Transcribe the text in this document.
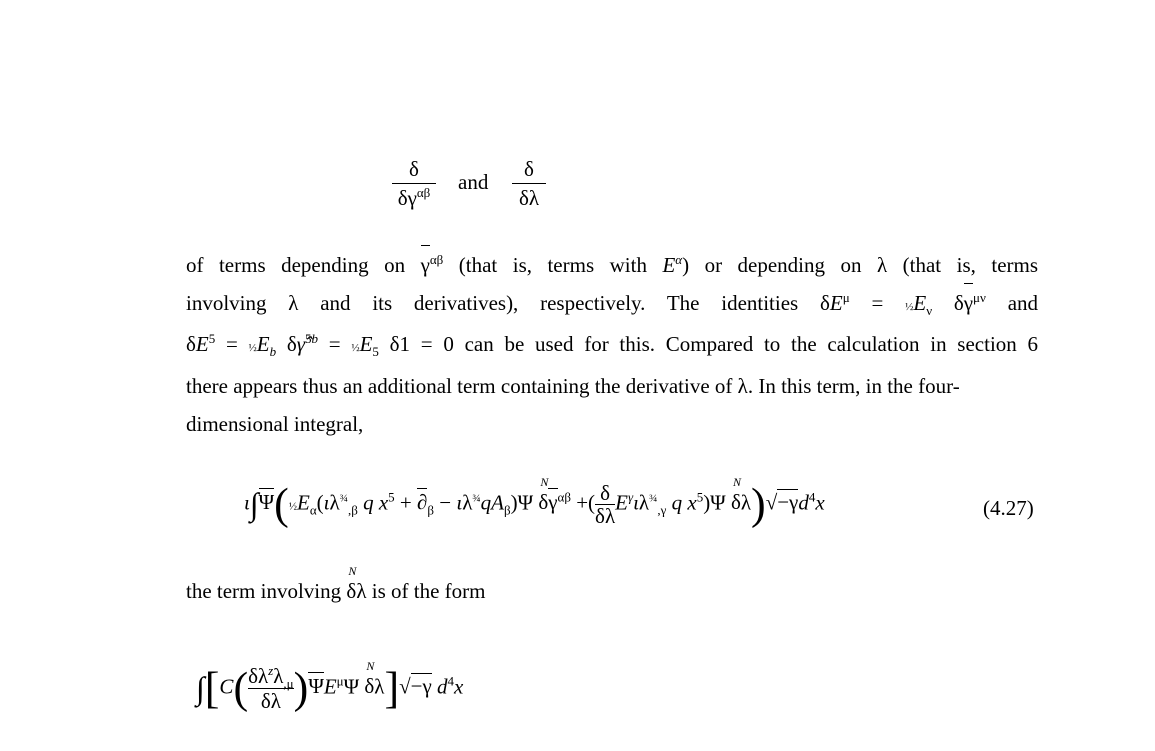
δ
δ
$\gamma^{\alpha\beta}$ and
δ
δλ
of terms depending on $\gamma^{\alpha\beta}$ (that is, terms with $E^\alpha$) or depending on λ (that is, terms
involving λ and its derivatives), respectively. The identities $\delta E^\mu$ = $\frac{1}{2}E_\nu$ δ
$\gamma^{\mu\nu}$ and
$\delta E^5$ = $\frac{1}{2}E_b$ δγ̂$^{5b}$ = $\frac{1}{2}E_5$ δ1 = 0 can be used for this. Compared to the calculation in section 6
there appears thus an additional term containing the derivative of λ. In this term, in the four-
dimensional integral,
ι∫
$\Psi(\frac{1}{2}E_\alpha(\iota\lambda^{\frac{3}{4}}_{,\beta}$ q $x^5$ +
$\partial_\beta - \iota\lambda^{\frac{3}{4}}qA_\beta)\Psi$
N
δ
$\gamma^{\alpha\beta}$ +( $\frac{\delta}{\delta\lambda} E^\gamma\iota\lambda^{\frac{3}{4}}_{,\gamma}$ q $x^5)\Psi$
N
$\delta\lambda)√-\gamma d^4x$	(4.27)
the term involving
N
δλ is of the form
∫[C( $\delta\lambda^z\lambda_{,\mu}$
δλ )
$\Psi E^\mu\Psi$
N
δλ]√−γ $d^4x$
